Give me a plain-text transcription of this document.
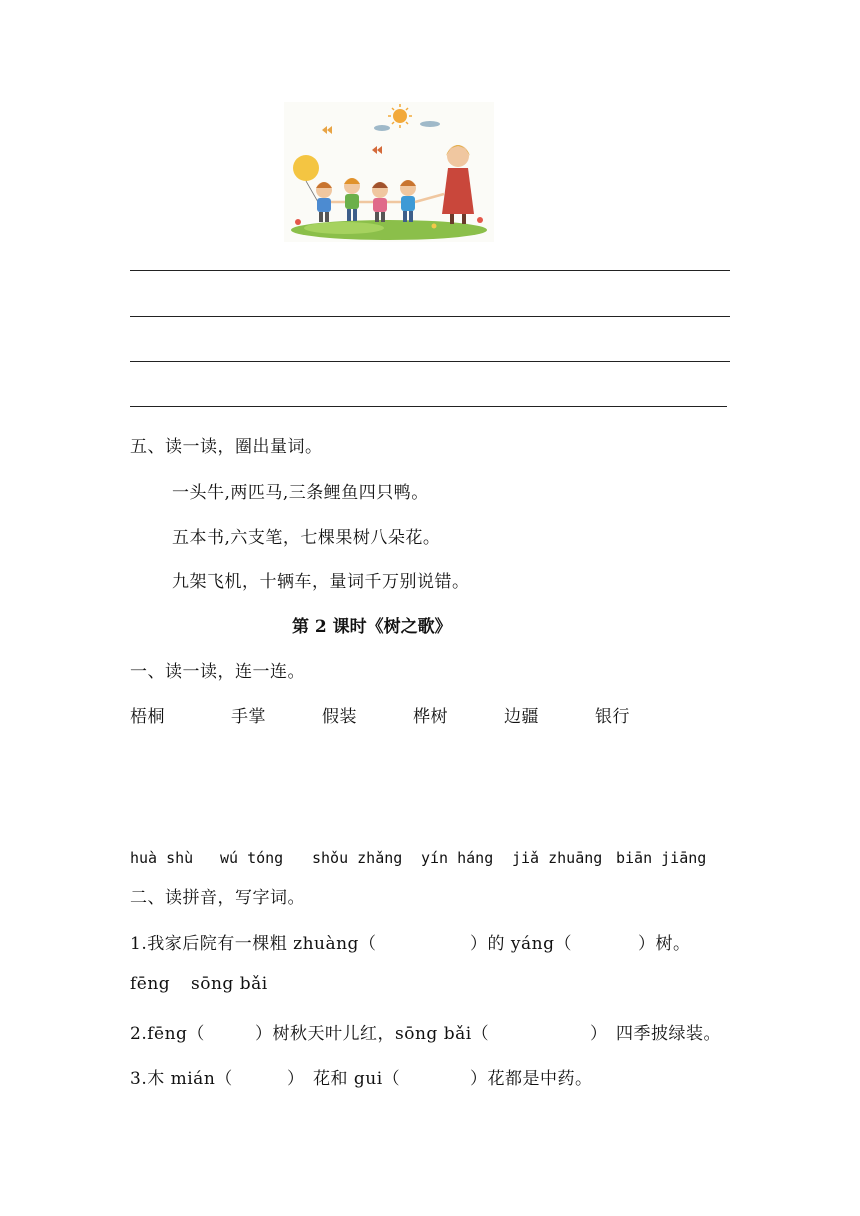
五、读一读，圈出量词。
一头牛,两匹马,三条鲤鱼四只鸭。
五本书,六支笔，七棵果树八朵花。
九架飞机，十辆车，量词千万别说错。
第 2 课时《树之歌》
一、读一读，连一连。
梧桐	手掌	假装	桦树	边疆	银行
huà shù wú tóng shǒu zhǎng yín háng jiǎ zhuāng biān jiāng
二、读拼音，写字词。
1.我家后院有一棵粗 zhuàng（	）的 yáng（	）树。
fēng sōng bǎi
2.fēng（	）树秋天叶儿红，sōng bǎi（	） 四季披绿装。
3.木 mián（	） 花和 gui（	）花都是中药。
